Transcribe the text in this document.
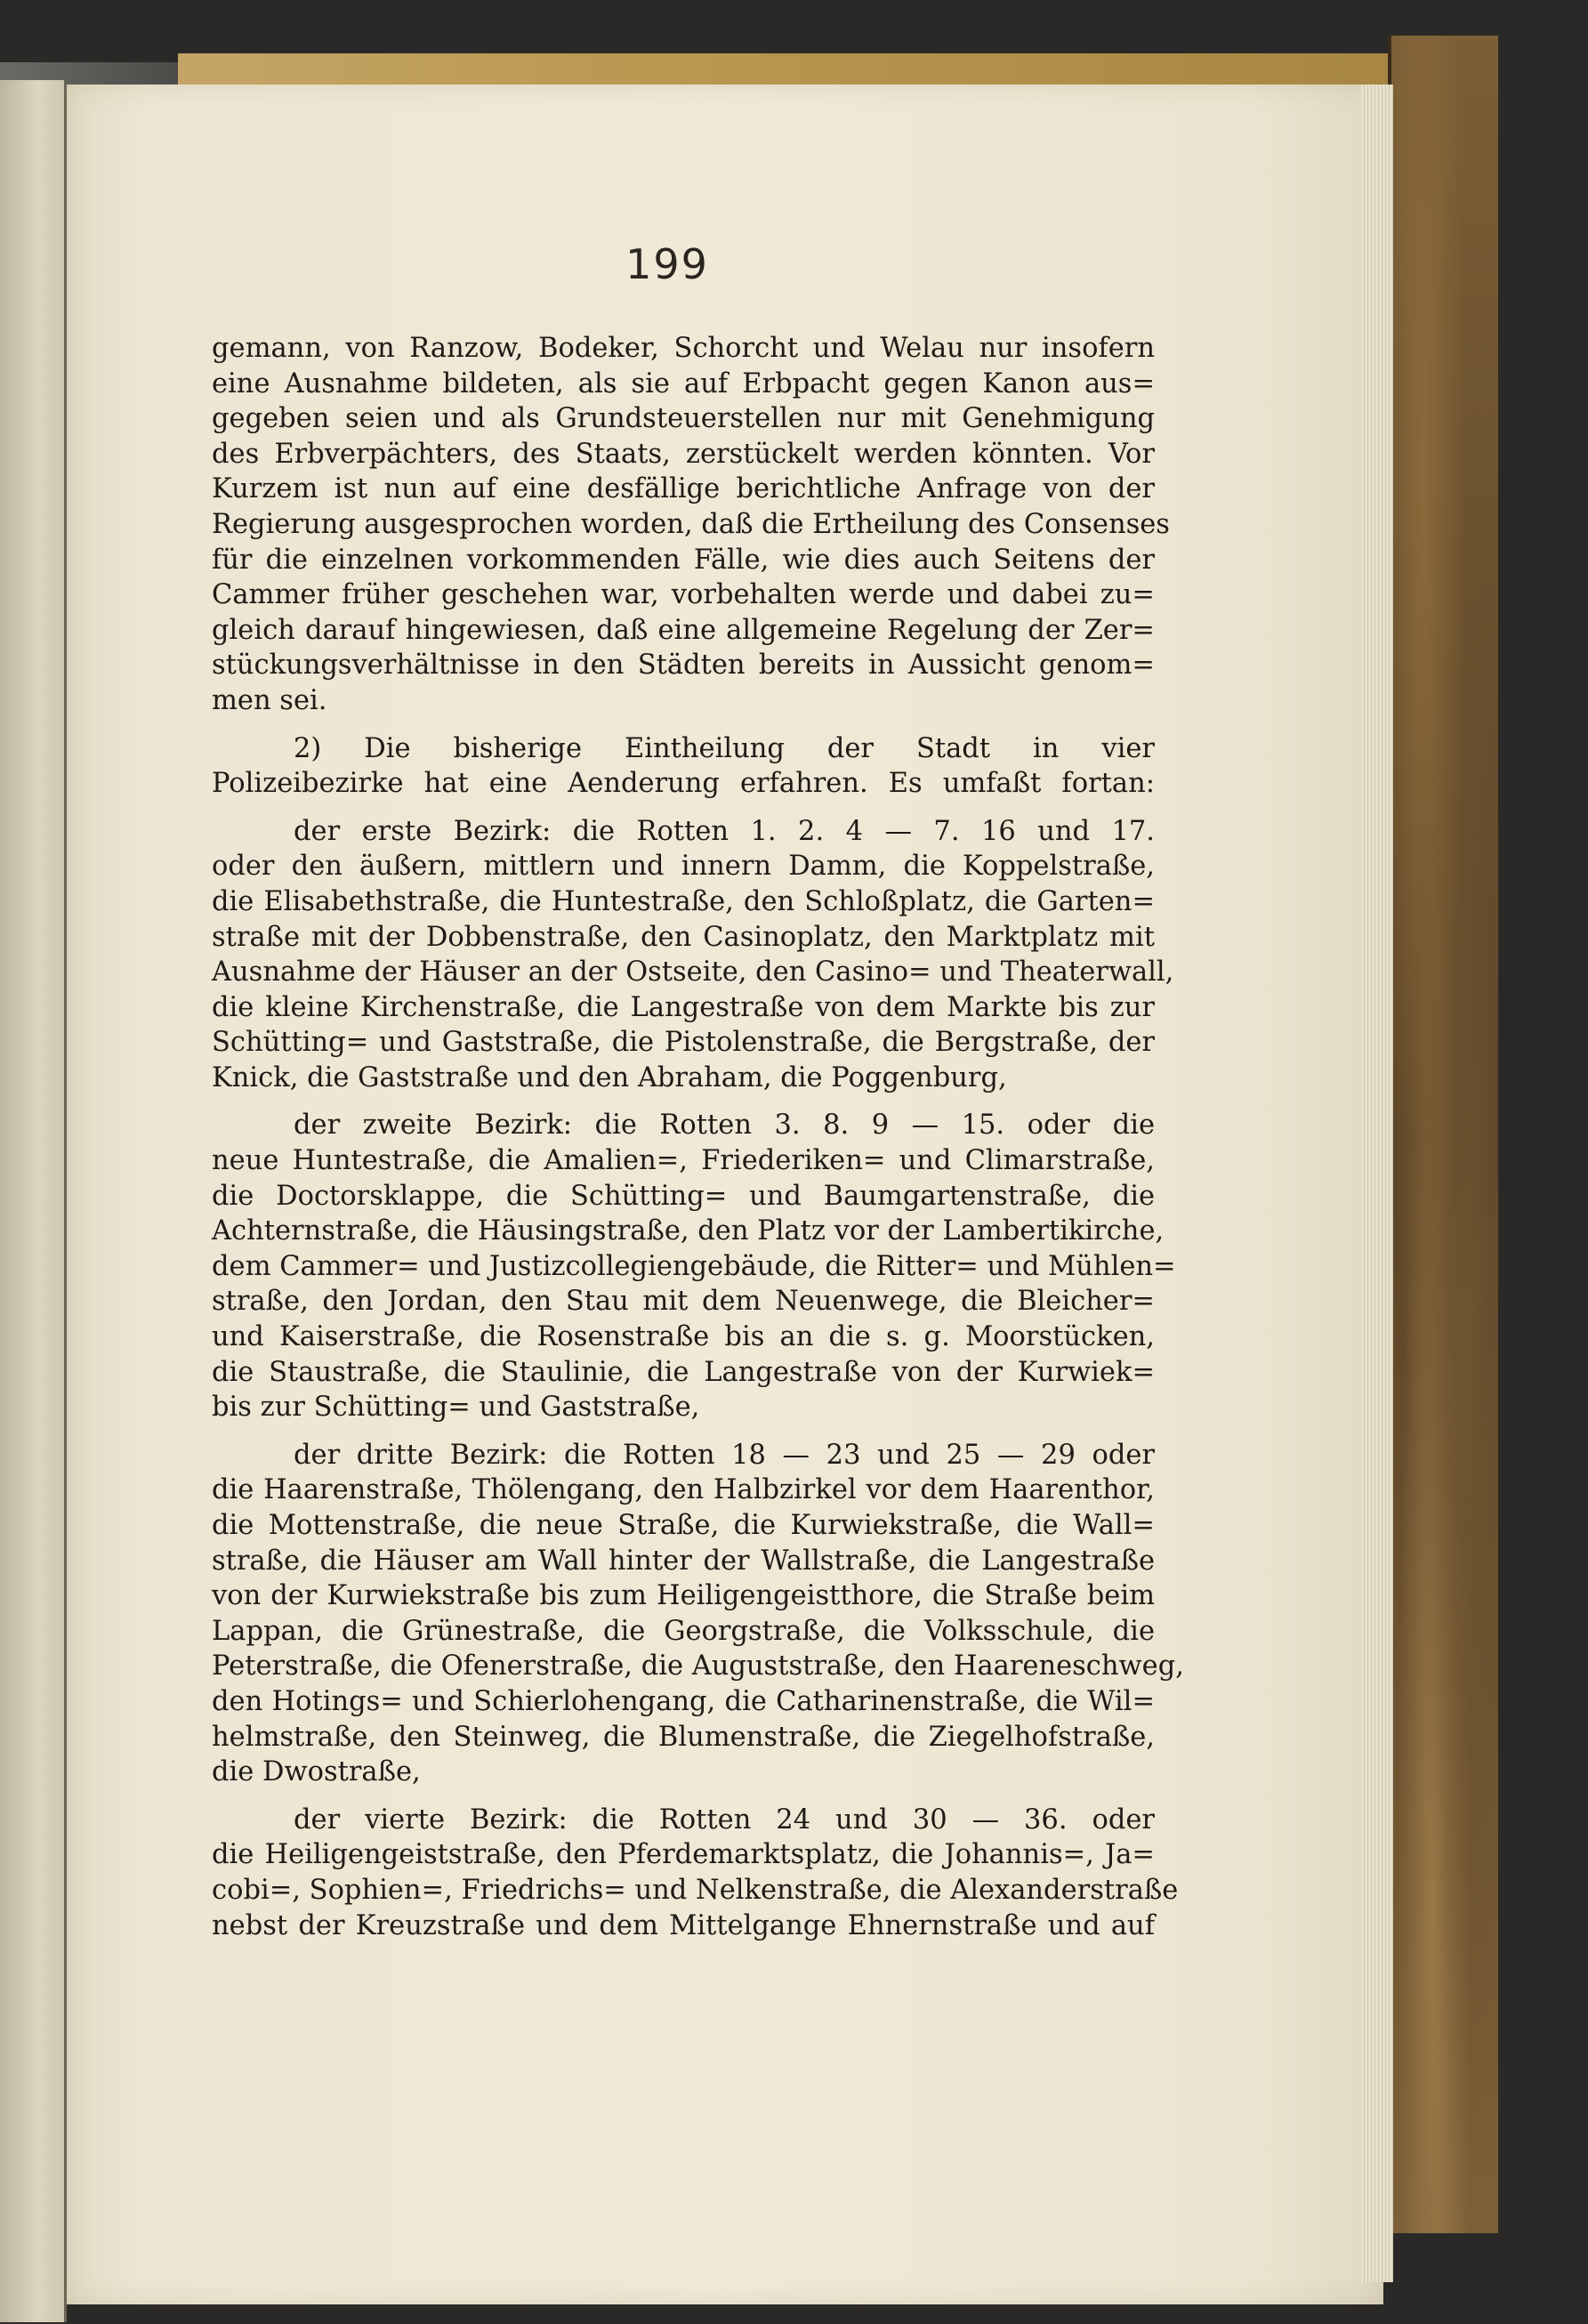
199
gemann, von Ranzow, Bodeker, Schorcht und Welau nur insofern
eine Ausnahme bildeten, als sie auf Erbpacht gegen Kanon aus=
gegeben seien und als Grundsteuerstellen nur mit Genehmigung
des Erbverpächters, des Staats, zerstückelt werden könnten. Vor
Kurzem ist nun auf eine desfällige berichtliche Anfrage von der
Regierung ausgesprochen worden, daß die Ertheilung des Consenses
für die einzelnen vorkommenden Fälle, wie dies auch Seitens der
Cammer früher geschehen war, vorbehalten werde und dabei zu=
gleich darauf hingewiesen, daß eine allgemeine Regelung der Zer=
stückungsverhältnisse in den Städten bereits in Aussicht genom=
men sei.
2) Die bisherige Eintheilung der Stadt in vier
Polizeibezirke hat eine Aenderung erfahren. Es umfaßt fortan:
der erste Bezirk: die Rotten 1. 2. 4 — 7. 16 und 17.
oder den äußern, mittlern und innern Damm, die Koppelstraße,
die Elisabethstraße, die Huntestraße, den Schloßplatz, die Garten=
straße mit der Dobbenstraße, den Casinoplatz, den Marktplatz mit
Ausnahme der Häuser an der Ostseite, den Casino= und Theaterwall,
die kleine Kirchenstraße, die Langestraße von dem Markte bis zur
Schütting= und Gaststraße, die Pistolenstraße, die Bergstraße, der
Knick, die Gaststraße und den Abraham, die Poggenburg,
der zweite Bezirk: die Rotten 3. 8. 9 — 15. oder die
neue Huntestraße, die Amalien=, Friederiken= und Climarstraße,
die Doctorsklappe, die Schütting= und Baumgartenstraße, die
Achternstraße, die Häusingstraße, den Platz vor der Lambertikirche,
dem Cammer= und Justizcollegiengebäude, die Ritter= und Mühlen=
straße, den Jordan, den Stau mit dem Neuenwege, die Bleicher=
und Kaiserstraße, die Rosenstraße bis an die s. g. Moorstücken,
die Staustraße, die Staulinie, die Langestraße von der Kurwiek=
bis zur Schütting= und Gaststraße,
der dritte Bezirk: die Rotten 18 — 23 und 25 — 29 oder
die Haarenstraße, Thölengang, den Halbzirkel vor dem Haarenthor,
die Mottenstraße, die neue Straße, die Kurwiekstraße, die Wall=
straße, die Häuser am Wall hinter der Wallstraße, die Langestraße
von der Kurwiekstraße bis zum Heiligengeistthore, die Straße beim
Lappan, die Grünestraße, die Georgstraße, die Volksschule, die
Peterstraße, die Ofenerstraße, die Auguststraße, den Haareneschweg,
den Hotings= und Schierlohengang, die Catharinenstraße, die Wil=
helmstraße, den Steinweg, die Blumenstraße, die Ziegelhofstraße,
die Dwostraße,
der vierte Bezirk: die Rotten 24 und 30 — 36. oder
die Heiligengeiststraße, den Pferdemarktsplatz, die Johannis=, Ja=
cobi=, Sophien=, Friedrichs= und Nelkenstraße, die Alexanderstraße
nebst der Kreuzstraße und dem Mittelgange Ehnernstraße und auf
